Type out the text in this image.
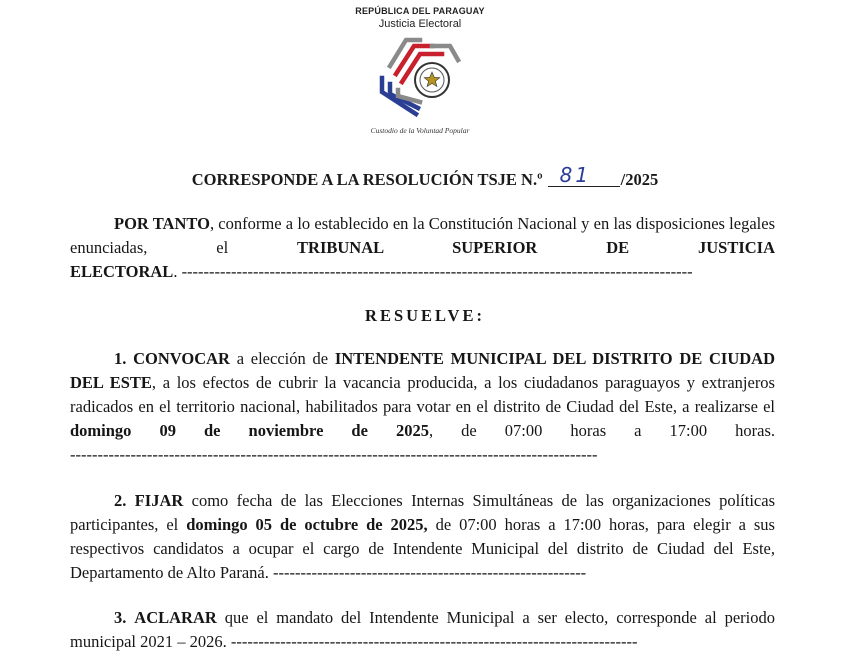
REPÚBLICA DEL PARAGUAY
Justicia Electoral
Custodio de la Voluntad Popular
CORRESPONDE A LA RESOLUCIÓN TSJE N.º 81 /2025

POR TANTO, conforme a lo establecido en la Constitución Nacional y en las disposiciones legales enunciadas, el TRIBUNAL SUPERIOR DE JUSTICIA ELECTORAL. ---------------------------------------------------------------------------------------------

RESUELVE:

1. CONVOCAR a elección de INTENDENTE MUNICIPAL DEL DISTRITO DE CIUDAD DEL ESTE, a los efectos de cubrir la vacancia producida, a los ciudadanos paraguayos y extranjeros radicados en el territorio nacional, habilitados para votar en el distrito de Ciudad del Este, a realizarse el domingo 09 de noviembre de 2025, de 07:00 horas a 17:00 horas. ------------------------------------------------------------------------------------------------

2. FIJAR como fecha de las Elecciones Internas Simultáneas de las organizaciones políticas participantes, el domingo 05 de octubre de 2025, de 07:00 horas a 17:00 horas, para elegir a sus respectivos candidatos a ocupar el cargo de Intendente Municipal del distrito de Ciudad del Este, Departamento de Alto Paraná. ---------------------------------------------------------

3. ACLARAR que el mandato del Intendente Municipal a ser electo, corresponde al periodo municipal 2021 – 2026. --------------------------------------------------------------------------
